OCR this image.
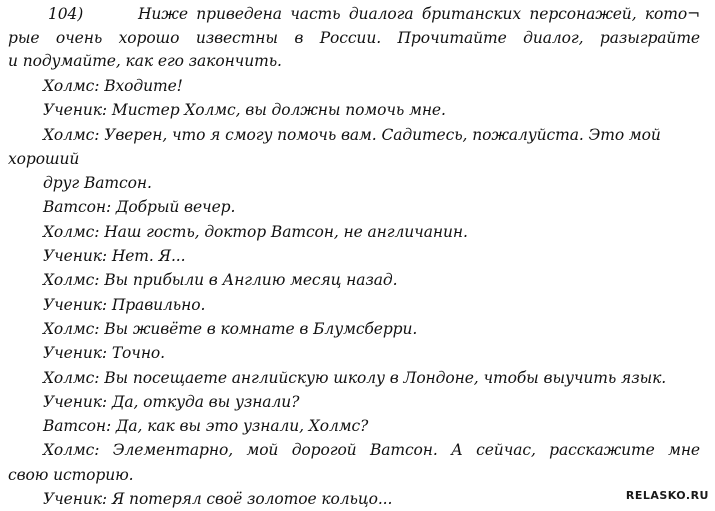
104)	Ниже приведена часть диалога британских персонажей, кото¬
рые очень хорошо известны в России. Прочитайте диалог, разыграйте
и подумайте, как его закончить.
Холмс: Входите!
Ученик: Мистер Холмс, вы должны помочь мне.
Холмс: Уверен, что я смогу помочь вам. Садитесь, пожалуйста. Это мой
хороший
друг Ватсон.
Ватсон: Добрый вечер.
Холмс: Наш гость, доктор Ватсон, не англичанин.
Ученик: Нет. Я...
Холмс: Вы прибыли в Англию месяц назад.
Ученик: Правильно.
Холмс: Вы живёте в комнате в Блумсберри.
Ученик: Точно.
Холмс: Вы посещаете английскую школу в Лондоне, чтобы выучить язык.
Ученик: Да, откуда вы узнали?
Ватсон: Да, как вы это узнали, Холмс?
Холмс: Элементарно, мой дорогой Ватсон. А сейчас, расскажите мне
свою историю.
Ученик: Я потерял своё золотое кольцо...	RELASKO.RU
